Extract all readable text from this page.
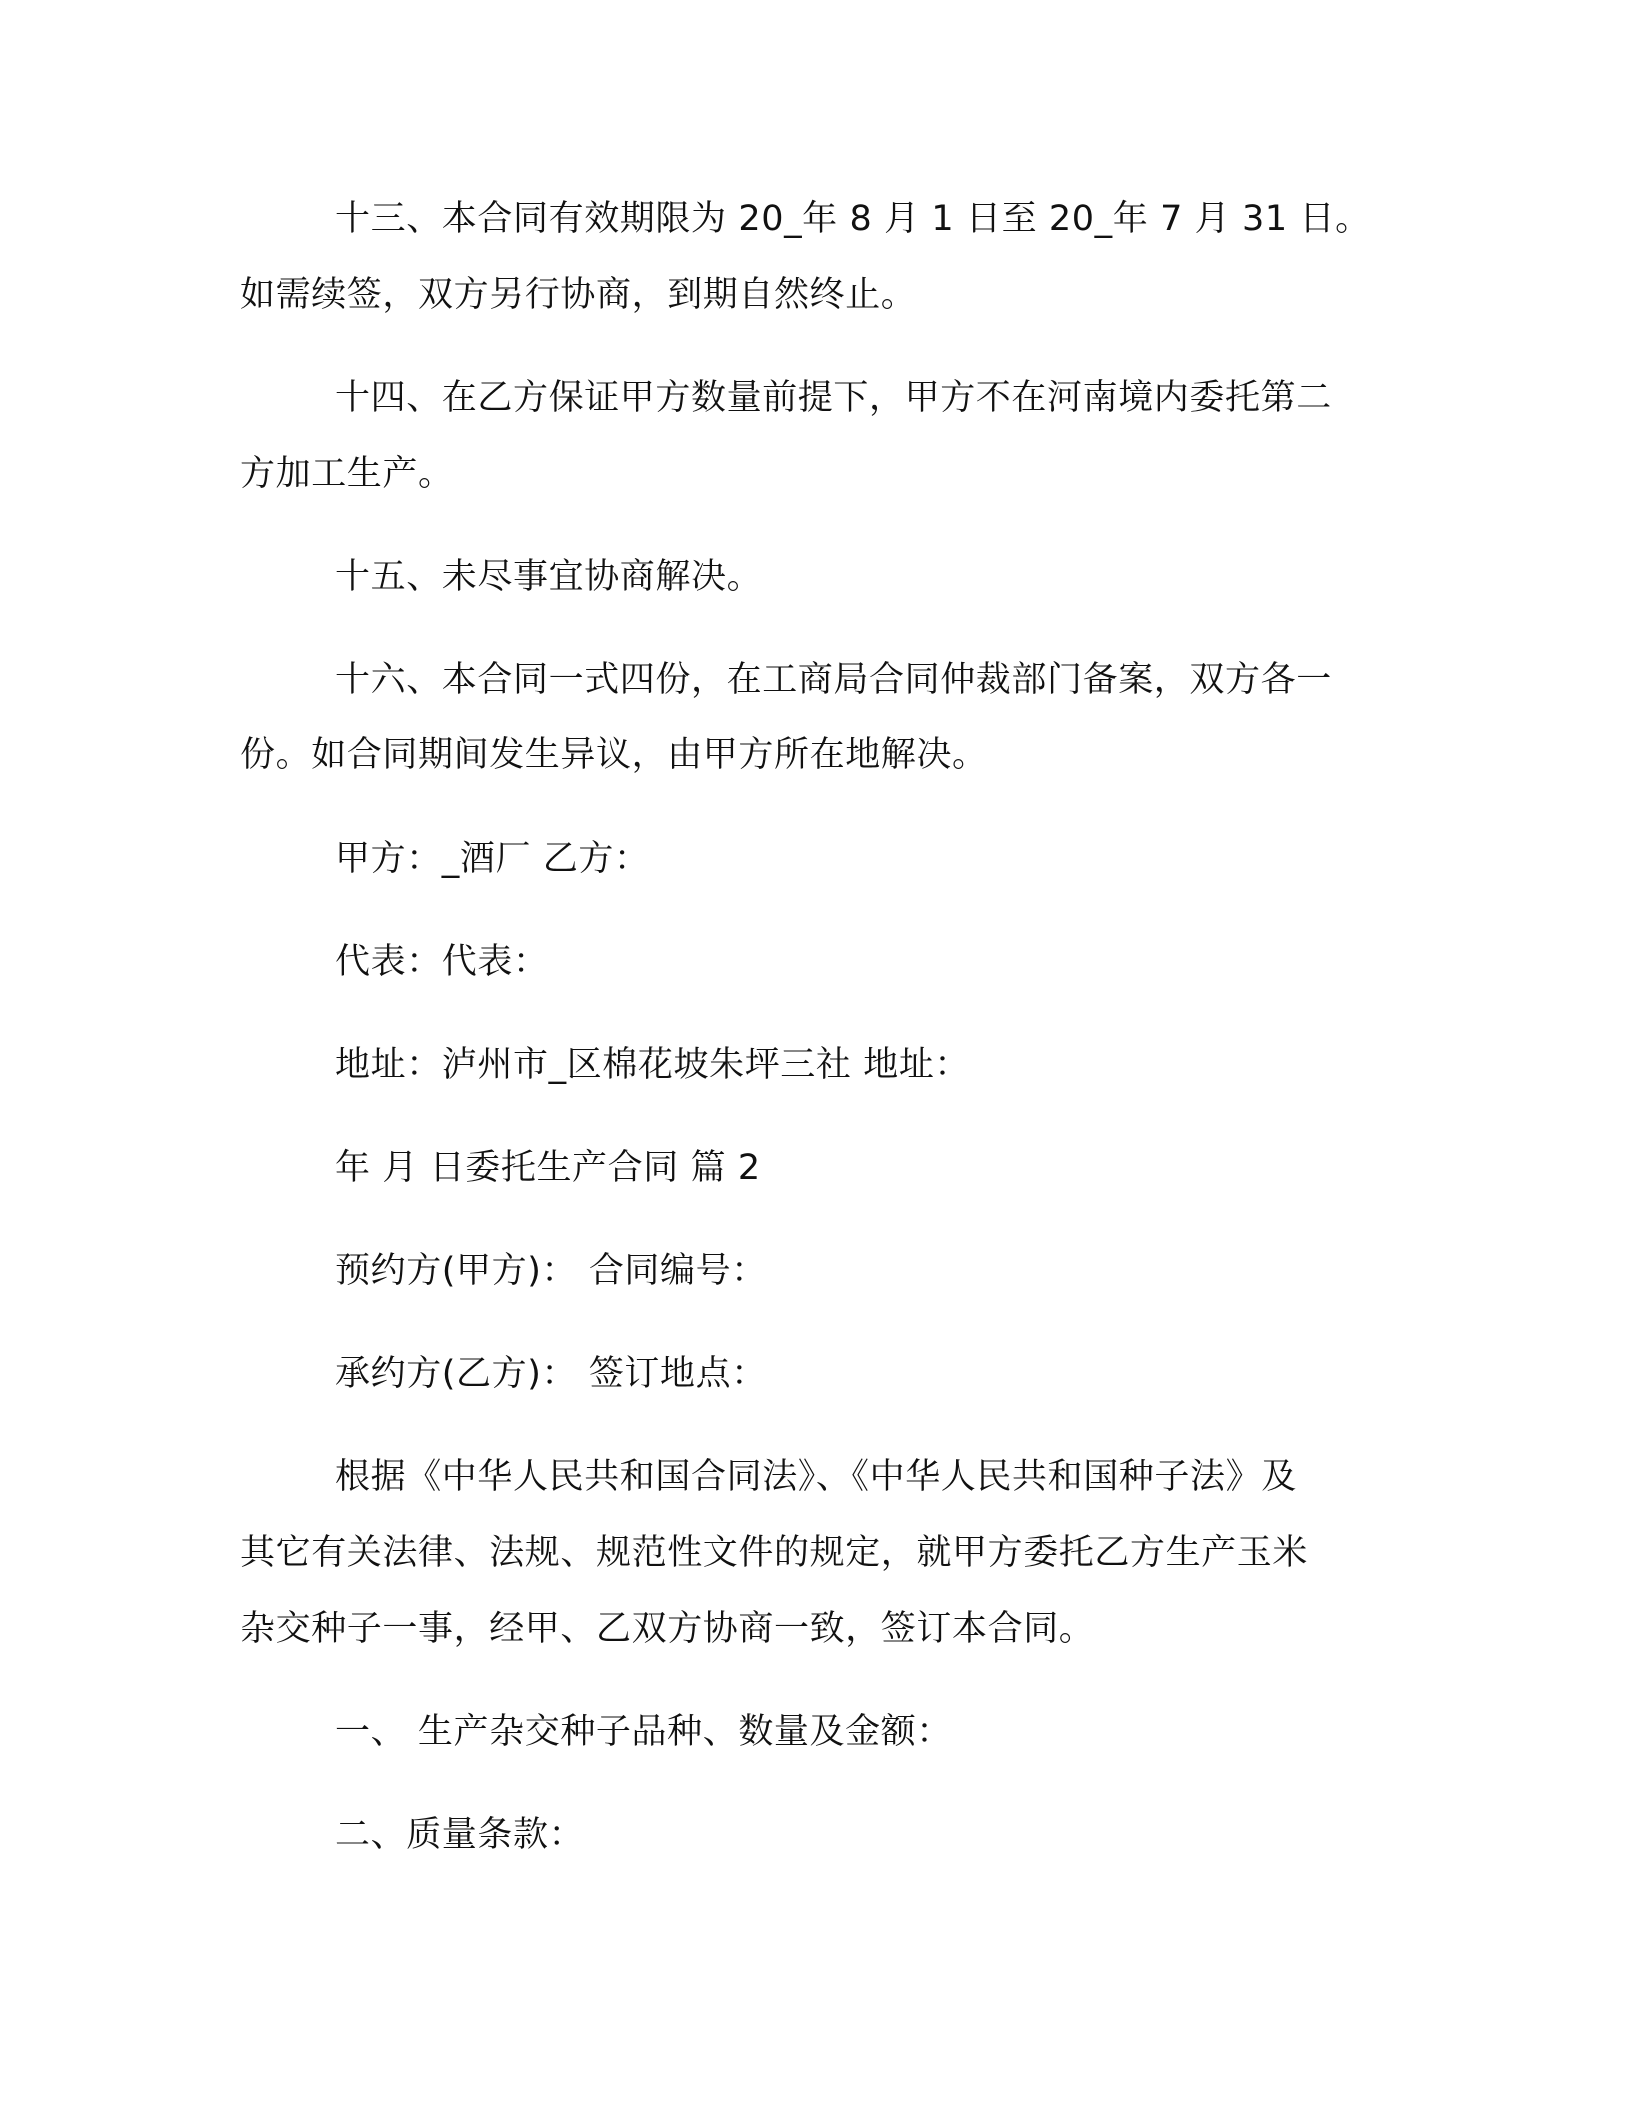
十三、本合同有效期限为 20_年 8 月 1 日至 20_年 7 月 31 日。
如需续签，双方另行协商，到期自然终止。
十四、在乙方保证甲方数量前提下，甲方不在河南境内委托第二
方加工生产。
十五、未尽事宜协商解决。
十六、本合同一式四份，在工商局合同仲裁部门备案，双方各一
份。如合同期间发生异议，由甲方所在地解决。
甲方：_酒厂 乙方：
代表：代表：
地址：泸州市_区棉花坡朱坪三社 地址：
年 月 日委托生产合同 篇 2
预约方(甲方)： 合同编号：
承约方(乙方)： 签订地点：
根据《中华人民共和国合同法》、《中华人民共和国种子法》及
其它有关法律、法规、规范性文件的规定，就甲方委托乙方生产玉米
杂交种子一事，经甲、乙双方协商一致，签订本合同。
一、 生产杂交种子品种、数量及金额：
二、质量条款：
